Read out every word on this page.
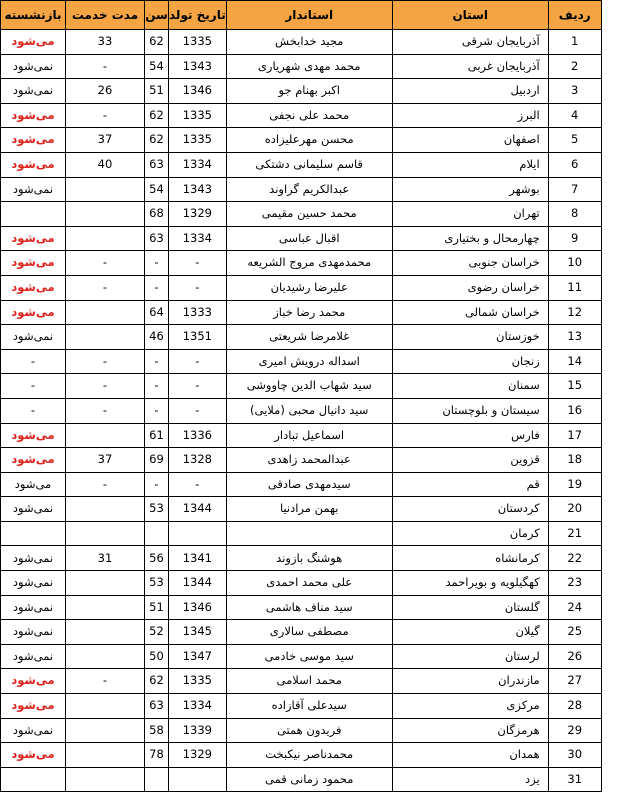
ردیف	استان	استاندار	تاریخ تولد	سن	مدت خدمت	بازنشسته
1	آذربایجان شرقی	مجید خدابخش	1335	62	33	می‌شود
2	آذربایجان غربی	محمد مهدی شهریاری	1343	54	-	نمی‌شود
3	اردبیل	اکبر بهنام جو	1346	51	26	نمی‌شود
4	البرز	محمد علی نجفی	1335	62	-	می‌شود
5	اصفهان	محسن مهرعلیزاده	1335	62	37	می‌شود
6	ایلام	قاسم سلیمانی دشتکی	1334	63	40	می‌شود
7	بوشهر	عبدالکریم گراوند	1343	54		نمی‌شود
8	تهران	محمد حسین مقیمی	1329	68		
9	چهارمحال و بختیاری	اقبال عباسی	1334	63		می‌شود
10	خراسان جنوبی	محمدمهدی مروج الشریعه	-	-	-	می‌شود
11	خراسان رضوی	علیرضا رشیدیان	-	-	-	می‌شود
12	خراسان شمالی	محمد رضا خباز	1333	64		می‌شود
13	خوزستان	غلامرضا شریعتی	1351	46		نمی‌شود
14	زنجان	اسداله درویش امیری	-	-	-	-
15	سمنان	سید شهاب الدین چاووشی	-	-	-	-
16	سیستان و بلوچستان	سید دانیال محبی (ملایی)	-	-	-	-
17	فارس	اسماعیل تبادار	1336	61		می‌شود
18	قزوین	عبدالمحمد زاهدی	1328	69	37	می‌شود
19	قم	سیدمهدی صادقی	-	-	-	می‌شود
20	کردستان	بهمن مرادنیا	1344	53		نمی‌شود
21	کرمان					
22	کرمانشاه	هوشنگ بازوند	1341	56	31	نمی‌شود
23	کهگیلویه و بویراحمد	علی محمد احمدی	1344	53		نمی‌شود
24	گلستان	سید مناف هاشمی	1346	51		نمی‌شود
25	گیلان	مصطفی سالاری	1345	52		نمی‌شود
26	لرستان	سید موسی خادمی	1347	50		نمی‌شود
27	مازندران	محمد اسلامی	1335	62	-	می‌شود
28	مرکزی	سیدعلی آقازاده	1334	63		می‌شود
29	هرمزگان	فریدون همتی	1339	58		نمی‌شود
30	همدان	محمدناصر نیکبخت	1329	78		می‌شود
31	یزد	محمود زمانی قمی				
